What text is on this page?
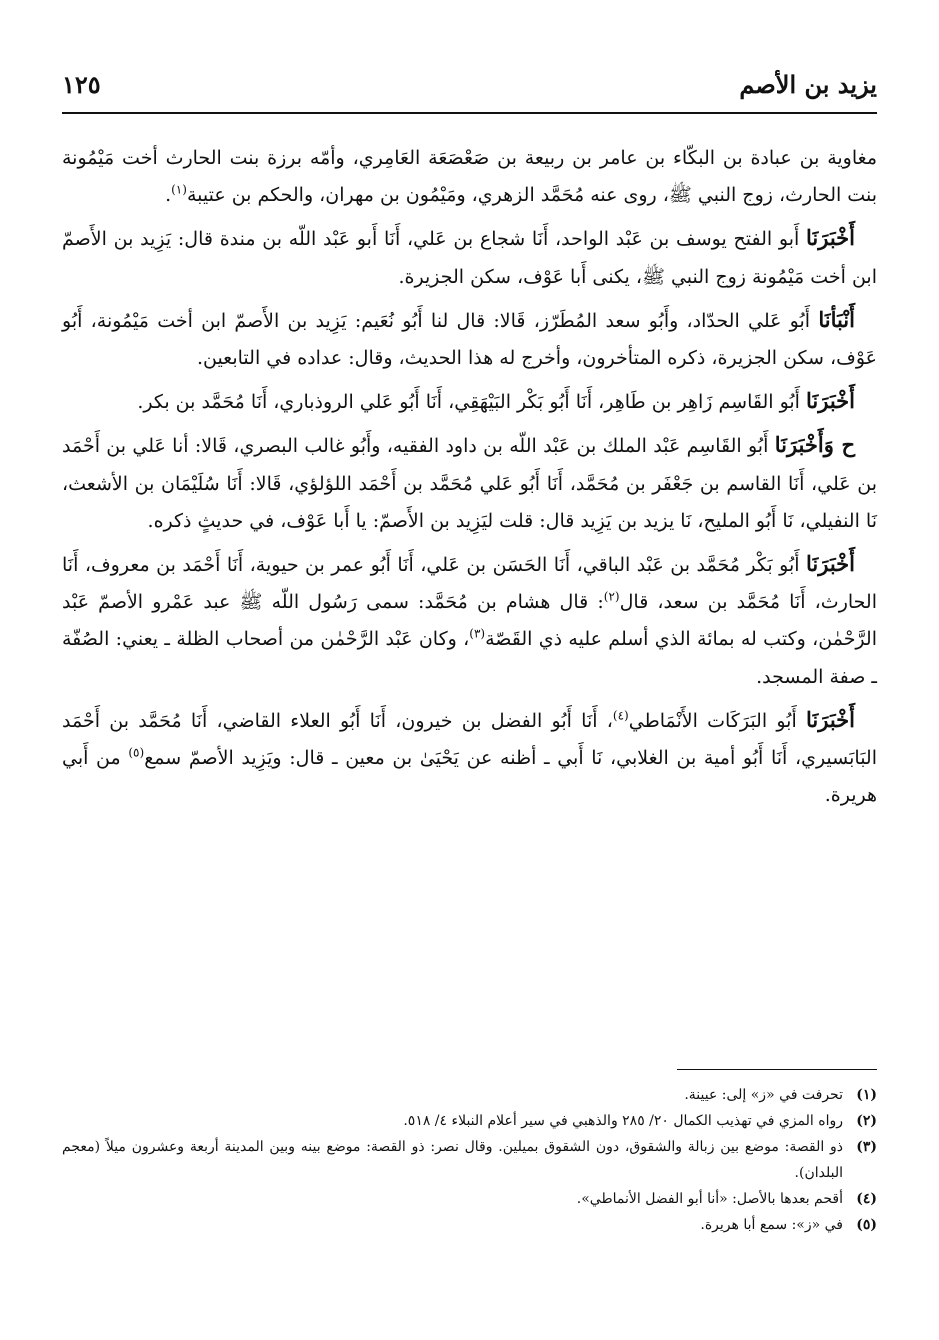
يزيد بن الأصم
١٢٥

مغاوية بن عبادة بن البكّاء بن عامر بن ربيعة بن صَعْصَعَة العَامِري، وأمّه برزة بنت الحارث أخت مَيْمُونة بنت الحارث، زوج النبي ﷺ، روى عنه مُحَمَّد الزهري، ومَيْمُون بن مهران، والحكم بن عتيبة$^{(١)}$.

أَخْبَرَنَا أَبو الفتح يوسف بن عَبْد الواحد، أَنَا شجاع بن عَلي، أَنَا أَبو عَبْد اللّه بن مندة قال: يَزِيد بن الأَصمّ ابن أخت مَيْمُونة زوج النبي ﷺ، يكنى أَبا عَوْف، سكن الجزيرة.

أَنْبَأنَا أَبُو عَلي الحدّاد، وأَبُو سعد المُطَرّز، قَالا: قال لنا أَبُو نُعَيم: يَزِيد بن الأَصمّ ابن أخت مَيْمُونة، أَبُو عَوْف، سكن الجزيرة، ذكره المتأخرون، وأخرج له هذا الحديث، وقال: عداده في التابعين.

أَخْبَرَنَا أَبُو القَاسِم زَاهِر بن طَاهِر، أَنَا أَبُو بَكْر البَيْهَقِي، أَنَا أَبُو عَلي الروذباري، أَنَا مُحَمَّد بن بكر.

ح وَأَخْبَرَنَا أَبُو القَاسِم عَبْد الملك بن عَبْد اللّه بن داود الفقيه، وأَبُو غالب البصري، قَالا: أنا عَلي بن أَحْمَد بن عَلي، أَنَا القاسم بن جَعْفَر بن مُحَمَّد، أَنَا أَبُو عَلي مُحَمَّد بن أَحْمَد اللؤلؤي، قَالا: أَنَا سُلَيْمَان بن الأشعث، نَا النفيلي، نَا أَبُو المليح، نَا يزيد بن يَزِيد قال: قلت ليَزِيد بن الأَصمّ: يا أَبا عَوْف، في حديثٍ ذكره.

أَخْبَرَنَا أَبُو بَكْر مُحَمَّد بن عَبْد الباقي، أَنَا الحَسَن بن عَلي، أَنَا أَبُو عمر بن حيوية، أَنَا أَحْمَد بن معروف، أَنَا الحارث، أَنَا مُحَمَّد بن سعد، قال$^{(٢)}$: قال هشام بن مُحَمَّد: سمى رَسُول اللّه ﷺ عبد عَمْرو الأصمّ عَبْد الرَّحْمٰن، وكتب له بمائة الذي أسلم عليه ذي القَصّة$^{(٣)}$، وكان عَبْد الرَّحْمٰن من أصحاب الظلة ـ يعني: الصُفّة ـ صفة المسجد.

أَخْبَرَنَا أَبُو البَرَكَات الأَنْمَاطي$^{(٤)}$، أَنَا أَبُو الفضل بن خيرون، أَنَا أَبُو العلاء القاضي، أَنَا مُحَمَّد بن أَحْمَد البَابَسيري، أَنَا أَبُو أمية بن الغلابي، نَا أَبي ـ أظنه عن يَحْيَىٰ بن معين ـ قال: ويَزِيد الأصمّ سمع$^{(٥)}$ من أَبي هريرة.

(١)
تحرفت في «ز» إلى: عيينة.
(٢)
رواه المزي في تهذيب الكمال ٢٠/ ٢٨٥ والذهبي في سير أعلام النبلاء ٤/ ٥١٨.
(٣)
ذو القصة: موضع بين زبالة والشقوق، دون الشقوق بميلين. وقال نصر: ذو القصة: موضع بينه وبين المدينة أربعة وعشرون ميلاً (معجم البلدان).
(٤)
أقحم بعدها بالأصل: «أنا أبو الفضل الأنماطي».
(٥)
في «ز»: سمع أبا هريرة.
